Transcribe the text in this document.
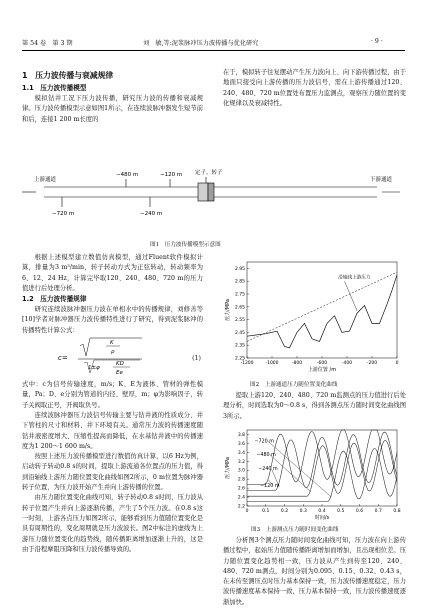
第 54 卷　第 3 期	刘　敏,等:泥浆脉冲压力波传播与优化研究	· 9 ·
1　压力波传播与衰减规律
1.1　压力波传播模型

模拟钻井工况下压力波传播，研究压力波的传播和衰减规律。压力波传播模型示意如图1所示，在连续波脉冲器发生短节前和后，连接1 200 m长度的

上游通道	下游通道
定子、转子
−480 m	−120 m
−720 m	−240 m
图1　压力波传播模型示意图

根据上述模型建立数值仿真模型，通过Fluent软件模拟计算，排量为3 m³/min，转子转动方式为正弦转动，转动频率为6、12、24 Hz，计算完毕取120、240、480、720 m的压力值进行后处理分析。

1.2　压力波传播规律

研究连续波脉冲器压力波在单相水中的传播规律，刘修善等[10]学者对脉冲器压力波传播特性进行了研究，得到泥浆脉冲的传播特性计算公式：

c=
K
ρ
1±φ
KD
Ee
(1)

式中：c为信号传输速度，m/s；K、E为液体、管材的弹性模量，Pa；D、e分别为管道的内径、壁厚，m；φ为影响因子，转子关阀取正号，开阀取负号。

连续波脉冲器压力波信号传输主要与钻井液的性质成分、井下管柱的尺寸和材料、井下环境有关。通常压力波的传播速度随钻井液密度增大、压缩性提高而降低，在水基钻井液中的传播速度为1 200～1 600 m/s。

按照上述压力波传播模型进行数值仿真计算，以6 Hz为例，启动转子转动0.8 s的时间，提取上游流通各位置点的压力值，得到沿轴线上游压力随位置变化曲线如图2所示，0 m位置为脉冲器转子位置，为压力波开始产生并向上游传播的位置。

由压力随位置变化曲线可知，转子转动0.8 s时间，压力波从转子位置产生并向上游逐渐传播，产生了5个压力波。在0.8 s这一时刻，上游各点压力如图2所示，能够看到压力值随位置变化是具有周期性的，变化周期就是压力波波长。图2中标注的虚线为上游压力随位置变化的趋势线，随传播距离增加逐渐上升的，这是由于沿程摩阻压降和压力波传播导致的。

在于，模拟转子往复摆动产生压力波向上、向下游传播过程，由于地面只接受向上游传播的压力波信号，需在上游传播通过120、240、480、720 m位置处布置压力监测点，观察压力随位置的变化规律以及衰减特性。

-1200	-1000	-800	-600	-400	-200	0
2.25
2.35
2.45
2.55
2.65
2.75
2.85
2.95
上游位置 /m
压力/MPa
沿轴线上游压力
图2　上游通道压力随位置变化曲线

提取上游120、240、480、720 m监测点的压力值进行后处理分析，时间选取为0～0.8 s，得到各测点压力随时间变化曲线图3所示。

0	0.1	0.2	0.3	0.4	0.5	0.6	0.7	0.8
2.2
2.4
2.6
2.8
3.0
3.2
3.4
3.6
3.8
时间/s
压力/MPa
−720 m
−480 m
−240 m
−120 m
图3　上游测点压力随时间变化曲线

分析图3个测点压力随时间变化曲线可知，压力波在向上游传播过程中，起始压力值随传播距离增加而增加，且出现相位差。压力随位置变化趋势相一致，压力波从产生到传至120、240、480、720 m测点，时间分别为0.095、0.15、0.32、0.43 s，在未传至测压点时压力基本保持一致，压力波传播速度稳定，压力波传播速度基本保持一致，压力基本保持一致，压力波传播速度逐渐加快。
